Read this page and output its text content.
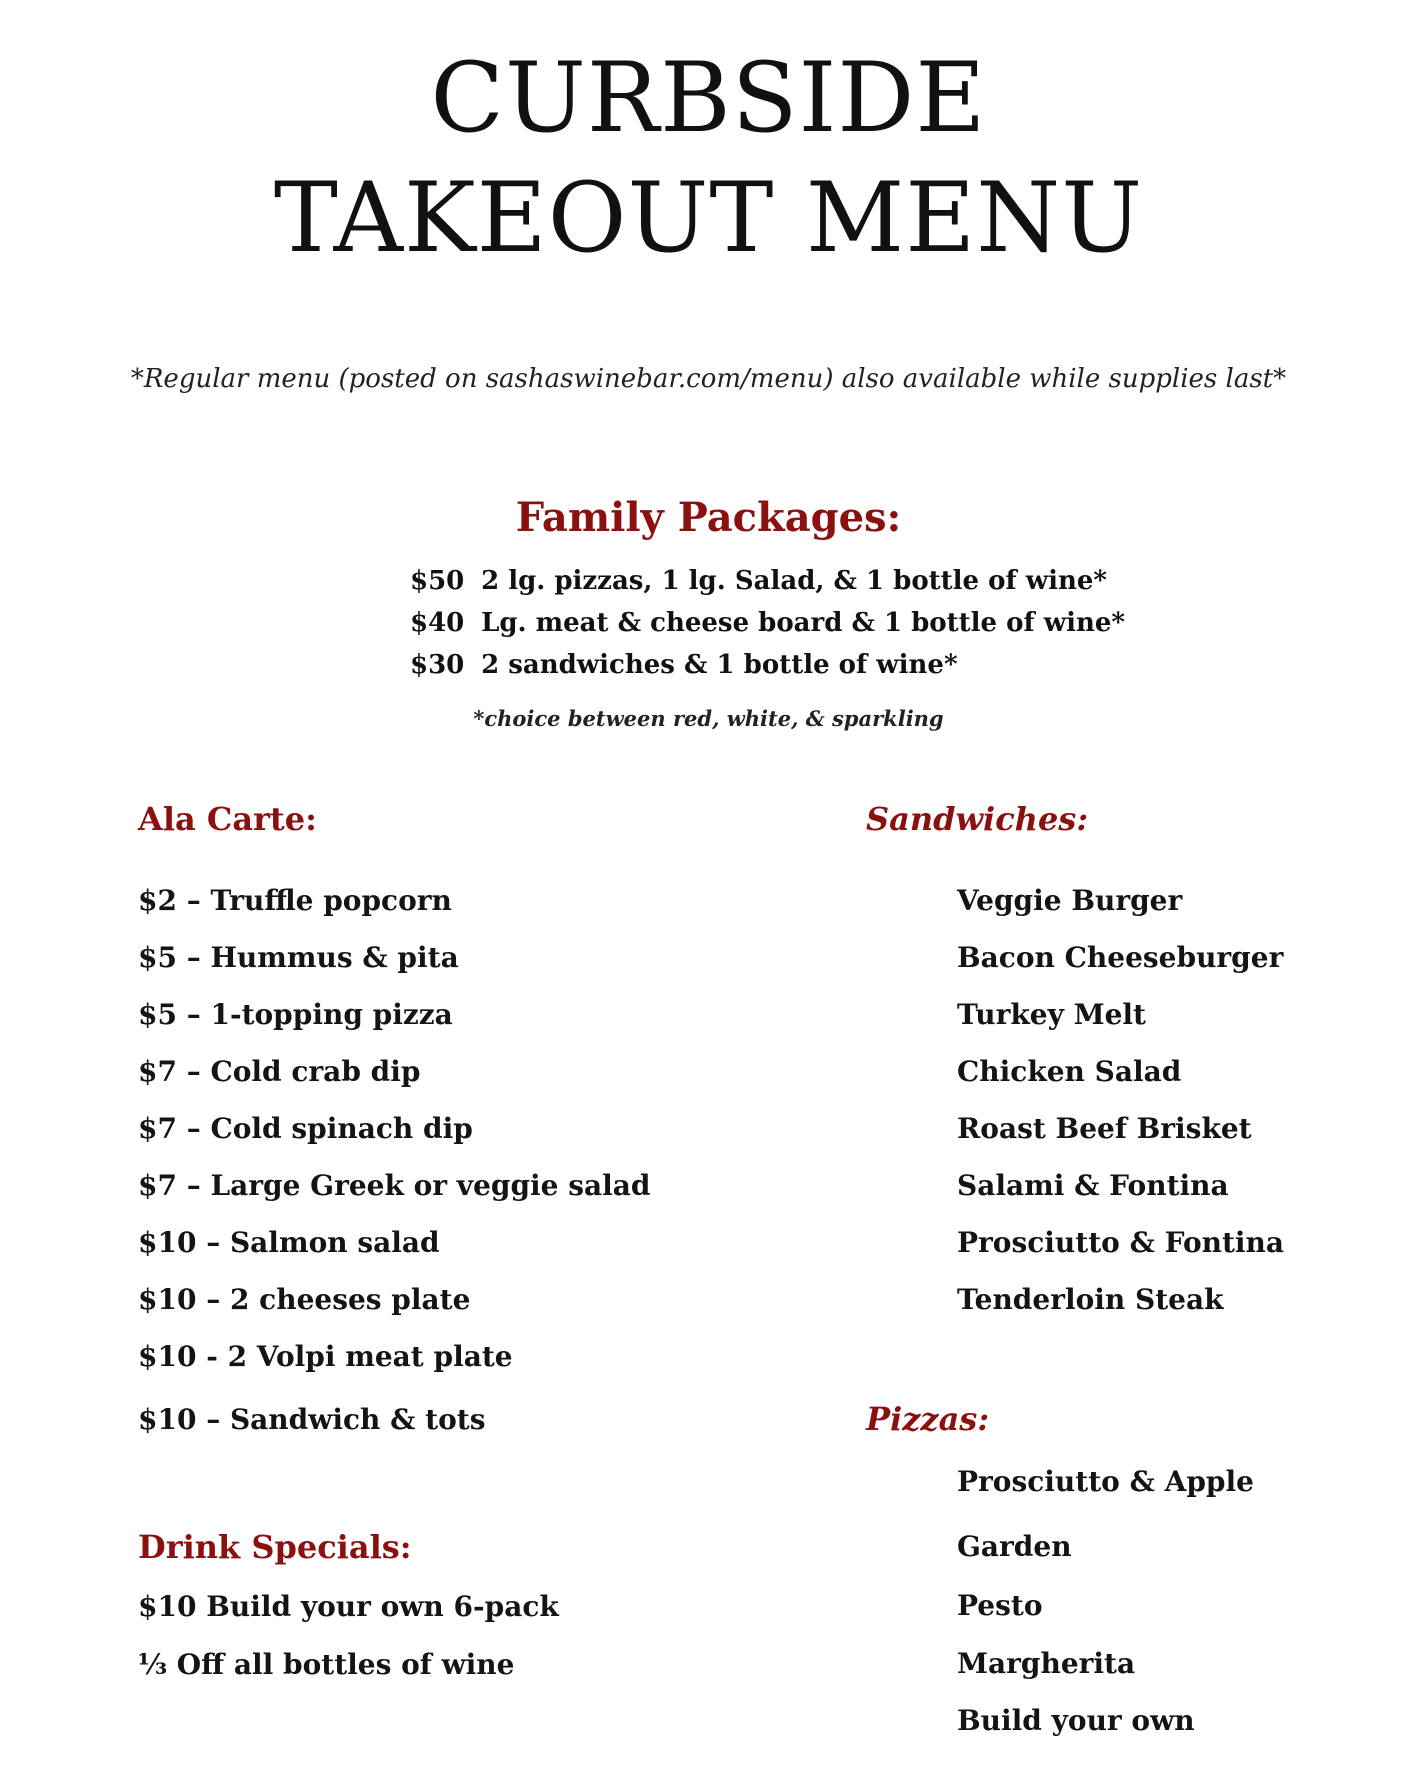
CURBSIDE
TAKEOUT MENU
*Regular menu (posted on sashaswinebar.com/menu) also available while supplies last*
Family Packages:
$50 2 lg. pizzas, 1 lg. Salad, & 1 bottle of wine*
$40 Lg. meat & cheese board & 1 bottle of wine*
$30 2 sandwiches & 1 bottle of wine*
*choice between red, white, & sparkling
Ala Carte:
$2 – Truffle popcorn
$5 – Hummus & pita
$5 – 1-topping pizza
$7 – Cold crab dip
$7 – Cold spinach dip
$7 – Large Greek or veggie salad
$10 – Salmon salad
$10 – 2 cheeses plate
$10 - 2 Volpi meat plate
$10 – Sandwich & tots
Drink Specials:
$10 Build your own 6-pack
⅓ Off all bottles of wine
Sandwiches:
Veggie Burger
Bacon Cheeseburger
Turkey Melt
Chicken Salad
Roast Beef Brisket
Salami & Fontina
Prosciutto & Fontina
Tenderloin Steak
Pizzas:
Prosciutto & Apple
Garden
Pesto
Margherita
Build your own
